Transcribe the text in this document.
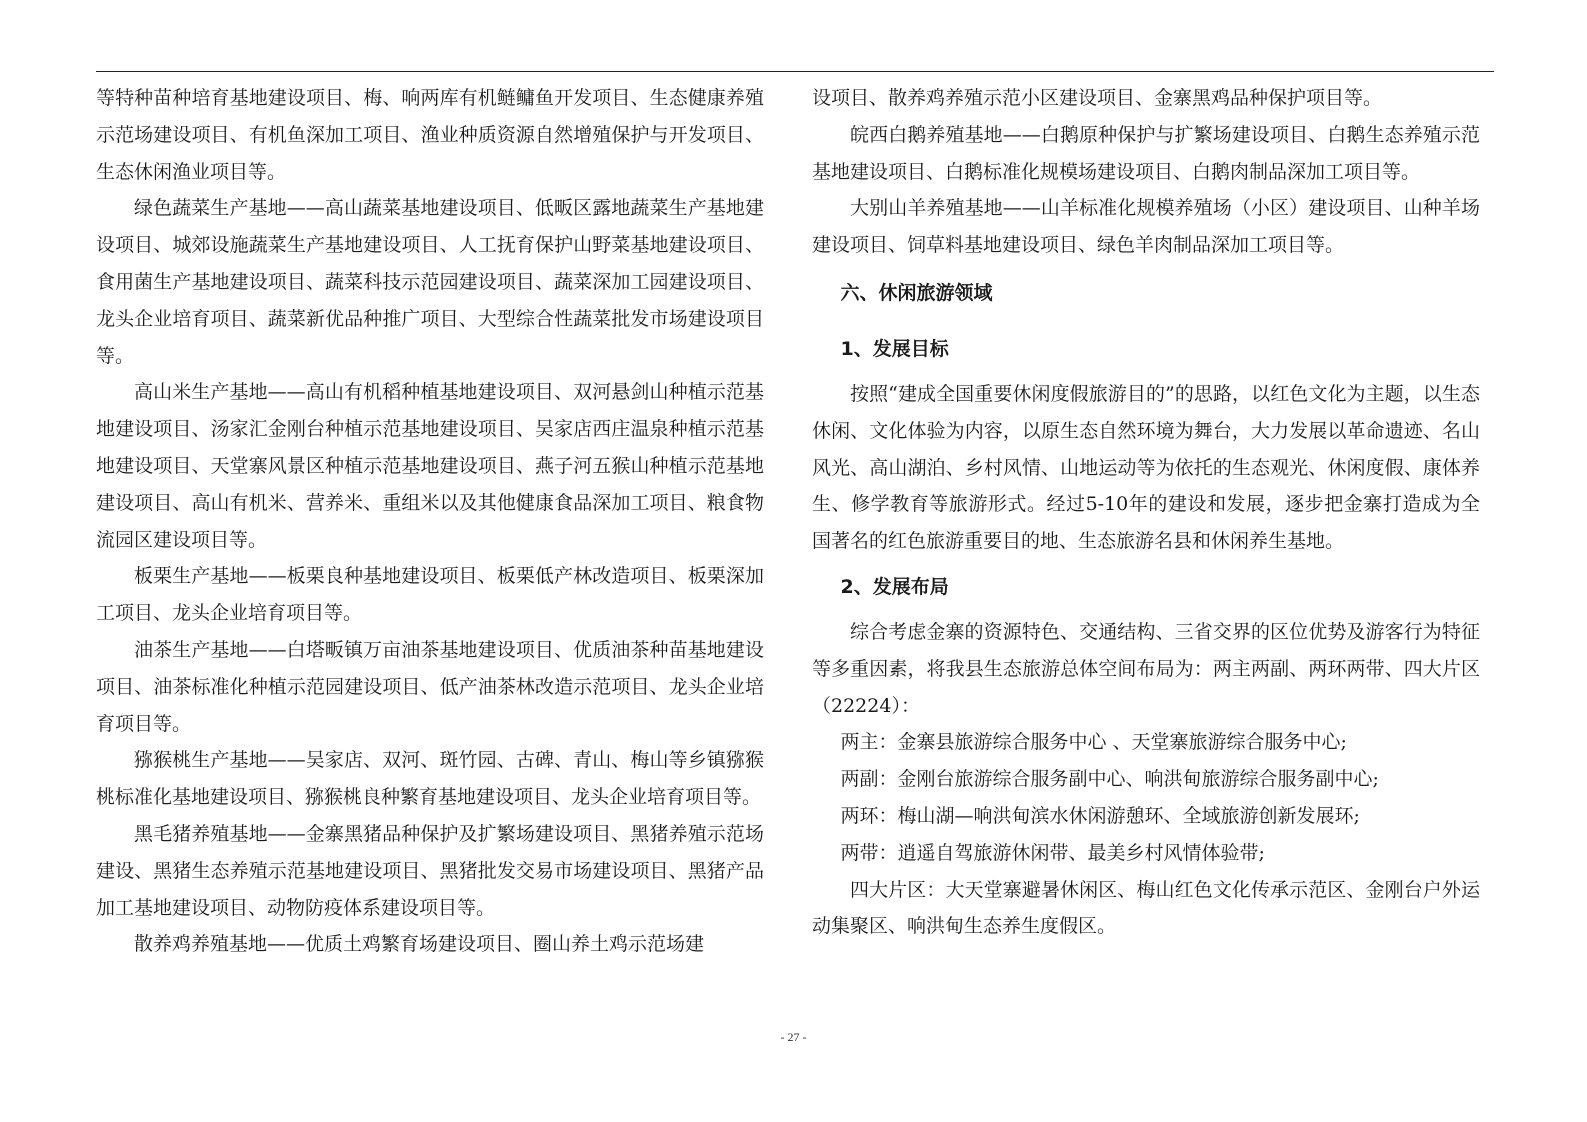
等特种苗种培育基地建设项目、梅、响两库有机鲢鳙鱼开发项目、生态健康养殖示范场建设项目、有机鱼深加工项目、渔业种质资源自然增殖保护与开发项目、生态休闲渔业项目等。

绿色蔬菜生产基地——高山蔬菜基地建设项目、低畈区露地蔬菜生产基地建设项目、城郊设施蔬菜生产基地建设项目、人工抚育保护山野菜基地建设项目、食用菌生产基地建设项目、蔬菜科技示范园建设项目、蔬菜深加工园建设项目、龙头企业培育项目、蔬菜新优品种推广项目、大型综合性蔬菜批发市场建设项目等。

高山米生产基地——高山有机稻种植基地建设项目、双河悬剑山种植示范基地建设项目、汤家汇金刚台种植示范基地建设项目、吴家店西庄温泉种植示范基地建设项目、天堂寨风景区种植示范基地建设项目、燕子河五猴山种植示范基地建设项目、高山有机米、营养米、重组米以及其他健康食品深加工项目、粮食物流园区建设项目等。

板栗生产基地——板栗良种基地建设项目、板栗低产林改造项目、板栗深加工项目、龙头企业培育项目等。

油茶生产基地——白塔畈镇万亩油茶基地建设项目、优质油茶种苗基地建设项目、油茶标准化种植示范园建设项目、低产油茶林改造示范项目、龙头企业培育项目等。

猕猴桃生产基地——吴家店、双河、斑竹园、古碑、青山、梅山等乡镇猕猴桃标准化基地建设项目、猕猴桃良种繁育基地建设项目、龙头企业培育项目等。

黑毛猪养殖基地——金寨黑猪品种保护及扩繁场建设项目、黑猪养殖示范场建设、黑猪生态养殖示范基地建设项目、黑猪批发交易市场建设项目、黑猪产品加工基地建设项目、动物防疫体系建设项目等。

散养鸡养殖基地——优质土鸡繁育场建设项目、圈山养土鸡示范场建

设项目、散养鸡养殖示范小区建设项目、金寨黑鸡品种保护项目等。

皖西白鹅养殖基地——白鹅原种保护与扩繁场建设项目、白鹅生态养殖示范基地建设项目、白鹅标准化规模场建设项目、白鹅肉制品深加工项目等。

大别山羊养殖基地——山羊标准化规模养殖场（小区）建设项目、山种羊场建设项目、饲草料基地建设项目、绿色羊肉制品深加工项目等。

六、休闲旅游领域

1、发展目标

按照“建成全国重要休闲度假旅游目的”的思路，以红色文化为主题，以生态休闲、文化体验为内容，以原生态自然环境为舞台，大力发展以革命遗迹、名山风光、高山湖泊、乡村风情、山地运动等为依托的生态观光、休闲度假、康体养生、修学教育等旅游形式。经过5-10年的建设和发展，逐步把金寨打造成为全国著名的红色旅游重要目的地、生态旅游名县和休闲养生基地。

2、发展布局

综合考虑金寨的资源特色、交通结构、三省交界的区位优势及游客行为特征等多重因素，将我县生态旅游总体空间布局为：两主两副、两环两带、四大片区（22224）：

两主：金寨县旅游综合服务中心 、天堂寨旅游综合服务中心;

两副：金刚台旅游综合服务副中心、响洪甸旅游综合服务副中心;

两环：梅山湖—响洪甸滨水休闲游憩环、全域旅游创新发展环;

两带：逍遥自驾旅游休闲带、最美乡村风情体验带;

四大片区：大天堂寨避暑休闲区、梅山红色文化传承示范区、金刚台户外运动集聚区、响洪甸生态养生度假区。

- 27 -
